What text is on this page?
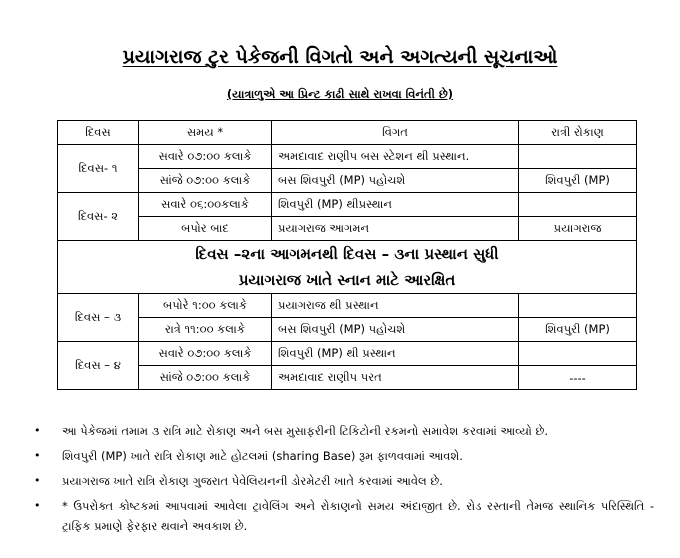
પ્રયાગરાજ ટુર પેકેજની વિગતો અને અગત્યની સૂચનાઓ
(યાત્રાળુએ આ પ્રિન્ટ કાઢી સાથે રાખવા વિનંતી છે)
દિવસ	સમય *	વિગત	રાત્રી રોકાણ
દિવસ- ૧	સવારે ૦૭:૦૦ કલાકે	અમદાવાદ રાણીપ બસ સ્ટેશન થી પ્રસ્થાન.	
	સાંજે ૦૭:૦૦ કલાકે	બસ શિવપુરી (MP) પહોચશે	શિવપુરી (MP)
દિવસ- ૨	સવારે ૦૬:૦૦કલાકે	શિવપુરી (MP) થીપ્રસ્થાન	
	બપોર બાદ	પ્રયાગરાજ આગમન	પ્રયાગરાજ
દિવસ –૨ના આગમનથી દિવસ – ૩ના પ્રસ્થાન સુધી			
પ્રયાગરાજ ખાતે સ્નાન માટે આરક્ષિત			
દિવસ – ૩	બપોરે ૧:૦૦ કલાકે	પ્રયાગરાજ થી પ્રસ્થાન	
	રાત્રે ૧૧:૦૦ કલાકે	બસ શિવપુરી (MP) પહોચશે	શિવપુરી (MP)
દિવસ – ૪	સવારે ૦૭:૦૦ કલાકે	શિવપુરી (MP) થી પ્રસ્થાન	
	સાંજે ૦૭:૦૦ કલાકે	અમદાવાદ રાણીપ પરત	----
• આ પેકેજમાં તમામ ૩ રાત્રિ માટે રોકાણ અને બસ મુસાફરીની ટિકિટોની રકમનો સમાવેશ કરવામાં આવ્યો છે.
• શિવપુરી (MP) ખાતે રાત્રિ રોકાણ માટે હોટલમાં (sharing Base) રૂમ ફાળવવામાં આવશે.
• પ્રયાગરાજ ખાતે રાત્રિ રોકાણ ગુજરાત પેવેલિયનની ડોરમેટરી ખાતે કરવામાં આવેલ છે.
• * ઉપરોક્ત કોષ્ટકમાં આપવામાં આવેલા ટ્રાવેલિંગ અને રોકાણનો સમય અંદાજીત છે. રોડ રસ્તાની તેમજ સ્થાનિક પરિસ્થિતિ - ટ્રાફિક પ્રમાણે ફેરફાર થવાને અવકાશ છે.
